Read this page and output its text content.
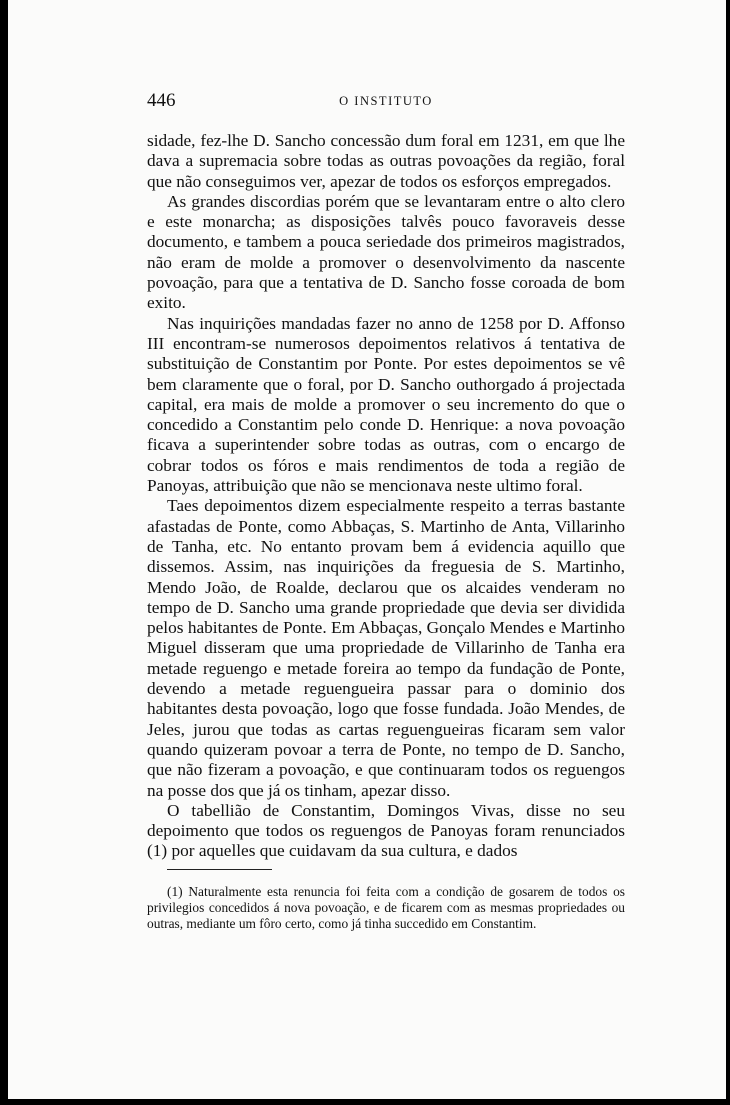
446	O INSTITUTO

sidade, fez-lhe D. Sancho concessão dum foral em 1231, em que lhe dava a supremacia sobre todas as outras povoações da região, foral que não conseguimos ver, apezar de todos os esforços empregados.

As grandes discordias porém que se levantaram entre o alto clero e este monarcha; as disposições talvês pouco favoraveis desse documento, e tambem a pouca seriedade dos primeiros magistrados, não eram de molde a promover o desenvolvimento da nascente povoação, para que a tentativa de D. Sancho fosse coroada de bom exito.

Nas inquirições mandadas fazer no anno de 1258 por D. Affonso III encontram-se numerosos depoimentos relativos á tentativa de substituição de Constantim por Ponte. Por estes depoimentos se vê bem claramente que o foral, por D. Sancho outhorgado á projectada capital, era mais de molde a promover o seu incremento do que o concedido a Constantim pelo conde D. Henrique: a nova povoação ficava a superintender sobre todas as outras, com o encargo de cobrar todos os fóros e mais rendimentos de toda a região de Panoyas, attribuição que não se mencionava neste ultimo foral.

Taes depoimentos dizem especialmente respeito a terras bastante afastadas de Ponte, como Abbaças, S. Martinho de Anta, Villarinho de Tanha, etc. No entanto provam bem á evidencia aquillo que dissemos. Assim, nas inquirições da freguesia de S. Martinho, Mendo João, de Roalde, declarou que os alcaides venderam no tempo de D. Sancho uma grande propriedade que devia ser dividida pelos habitantes de Ponte. Em Abbaças, Gonçalo Mendes e Martinho Miguel disseram que uma propriedade de Villarinho de Tanha era metade reguengo e metade foreira ao tempo da fundação de Ponte, devendo a metade reguengueira passar para o dominio dos habitantes desta povoação, logo que fosse fundada. João Mendes, de Jeles, jurou que todas as cartas reguengueiras ficaram sem valor quando quizeram povoar a terra de Ponte, no tempo de D. Sancho, que não fizeram a povoação, e que continuaram todos os reguengos na posse dos que já os tinham, apezar disso.

O tabellião de Constantim, Domingos Vivas, disse no seu depoimento que todos os reguengos de Panoyas foram renunciados (1) por aquelles que cuidavam da sua cultura, e dados

(1) Naturalmente esta renuncia foi feita com a condição de gosarem de todos os privilegios concedidos á nova povoação, e de ficarem com as mesmas propriedades ou outras, mediante um fôro certo, como já tinha succedido em Constantim.
